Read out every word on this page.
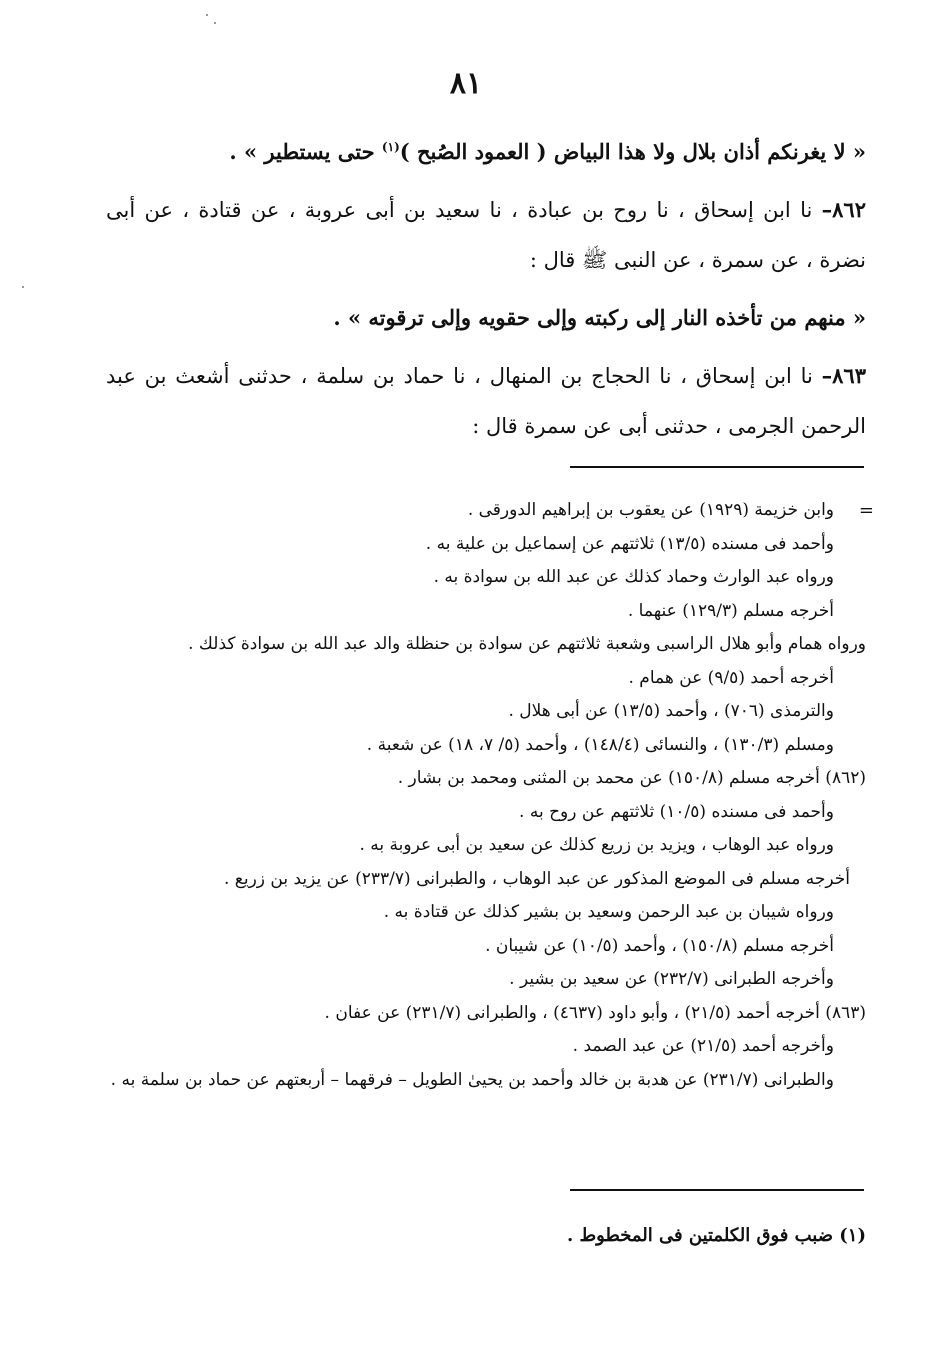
٨١

« لا يغرنكم أذان بلال ولا هذا البياض ( العمود الصُبح )$^{(١)}$ حتى يستطير » .

٨٦٢– نا ابن إسحاق ، نا روح بن عبادة ، نا سعيد بن أبى عروبة ، عن قتادة ، عن أبى نضرة ، عن سمرة ، عن النبى ﷺ قال :

« منهم من تأخذه النار إلى ركبته وإلى حقويه وإلى ترقوته » .

٨٦٣– نا ابن إسحاق ، نا الحجاج بن المنهال ، نا حماد بن سلمة ، حدثنى أشعث بن عبد الرحمن الجرمى ، حدثنى أبى عن سمرة قال :

=
وابن خزيمة (١٩٢٩) عن يعقوب بن إبراهيم الدورقى .
وأحمد فى مسنده (١٣/٥) ثلاثتهم عن إسماعيل بن علية به .
ورواه عبد الوارث وحماد كذلك عن عبد الله بن سوادة به .
أخرجه مسلم (١٢٩/٣) عنهما .
ورواه همام وأبو هلال الراسبى وشعبة ثلاثتهم عن سوادة بن حنظلة والد عبد الله بن سوادة كذلك .
أخرجه أحمد (٩/٥) عن همام .
والترمذى (٧٠٦) ، وأحمد (١٣/٥) عن أبى هلال .
ومسلم (١٣٠/٣) ، والنسائى (١٤٨/٤) ، وأحمد (٥/ ٧، ١٨) عن شعبة .
(٨٦٢) أخرجه مسلم (١٥٠/٨) عن محمد بن المثنى ومحمد بن بشار .
وأحمد فى مسنده (١٠/٥) ثلاثتهم عن روح به .
ورواه عبد الوهاب ، ويزيد بن زريع كذلك عن سعيد بن أبى عروبة به .
أخرجه مسلم فى الموضع المذكور عن عبد الوهاب ، والطبرانى (٢٣٣/٧) عن يزيد بن زريع .
ورواه شيبان بن عبد الرحمن وسعيد بن بشير كذلك عن قتادة به .
أخرجه مسلم (١٥٠/٨) ، وأحمد (١٠/٥) عن شيبان .
وأخرجه الطبرانى (٢٣٢/٧) عن سعيد بن بشير .
(٨٦٣) أخرجه أحمد (٢١/٥) ، وأبو داود (٤٦٣٧) ، والطبرانى (٢٣١/٧) عن عفان .
وأخرجه أحمد (٢١/٥) عن عبد الصمد .
والطبرانى (٢٣١/٧) عن هدبة بن خالد وأحمد بن يحيىٰ الطويل – فرقهما – أربعتهم عن حماد بن سلمة به .
(١) ضبب فوق الكلمتين فى المخطوط .
